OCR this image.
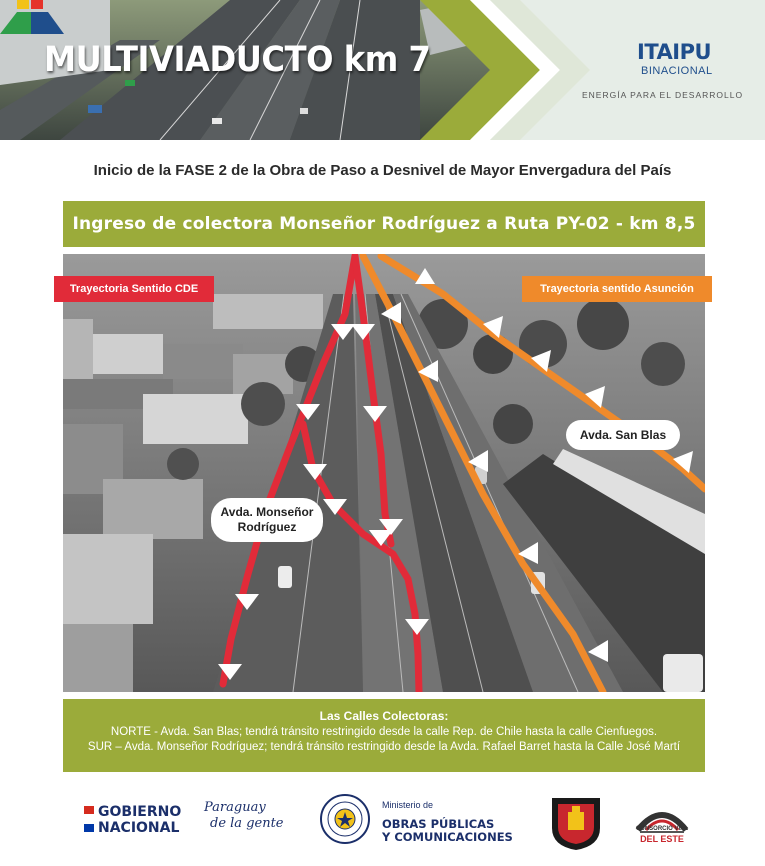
MULTIVIADUCTO km 7	ITAIPU
BINACIONAL
ENERGÍA PARA EL DESARROLLO
Inicio de la FASE 2 de la Obra de Paso a Desnivel de Mayor Envergadura del País
Ingreso de colectora Monseñor Rodríguez a Ruta PY-02 - km 8,5
Trayectoria Sentido CDE	Trayectoria sentido Asunción
Avda. San Blas
Avda. Monseñor
Rodríguez
Las Calles Colectoras:
NORTE - Avda. San Blas; tendrá tránsito restringido desde la calle Rep. de Chile hasta la calle Cienfuegos.
SUR – Avda. Monseñor Rodríguez; tendrá tránsito restringido desde la Avda. Rafael Barret hasta la Calle José Martí
GOBIERNO
NACIONAL
Paraguay
de la gente
Ministerio de
OBRAS PÚBLICAS
Y COMUNICACIONES
CONSORCIO VIAL
DEL ESTE
